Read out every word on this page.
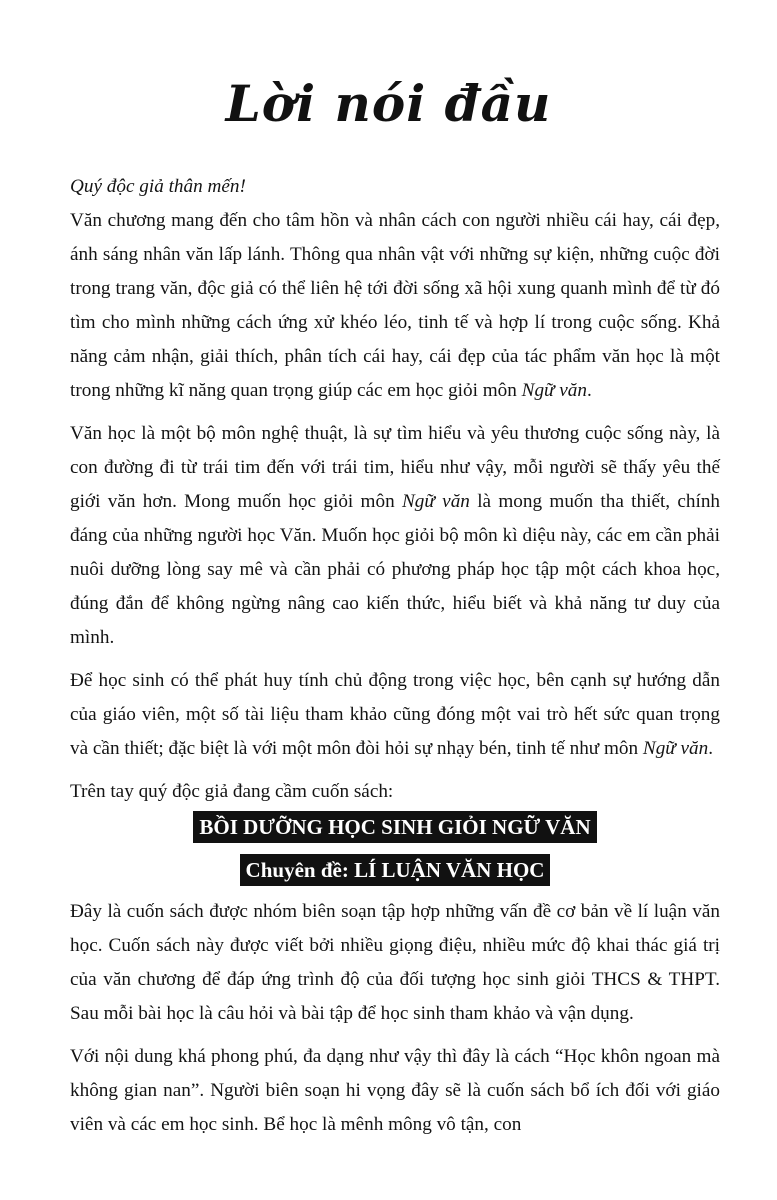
Lời nói đầu

Quý độc giả thân mến!

Văn chương mang đến cho tâm hồn và nhân cách con người nhiều cái hay, cái đẹp, ánh sáng nhân văn lấp lánh. Thông qua nhân vật với những sự kiện, những cuộc đời trong trang văn, độc giả có thể liên hệ tới đời sống xã hội xung quanh mình để từ đó tìm cho mình những cách ứng xử khéo léo, tinh tế và hợp lí trong cuộc sống. Khả năng cảm nhận, giải thích, phân tích cái hay, cái đẹp của tác phẩm văn học là một trong những kĩ năng quan trọng giúp các em học giỏi môn Ngữ văn.

Văn học là một bộ môn nghệ thuật, là sự tìm hiểu và yêu thương cuộc sống này, là con đường đi từ trái tim đến với trái tim, hiểu như vậy, mỗi người sẽ thấy yêu thế giới văn hơn. Mong muốn học giỏi môn Ngữ văn là mong muốn tha thiết, chính đáng của những người học Văn. Muốn học giỏi bộ môn kì diệu này, các em cần phải nuôi dưỡng lòng say mê và cần phải có phương pháp học tập một cách khoa học, đúng đắn để không ngừng nâng cao kiến thức, hiểu biết và khả năng tư duy của mình.

Để học sinh có thể phát huy tính chủ động trong việc học, bên cạnh sự hướng dẫn của giáo viên, một số tài liệu tham khảo cũng đóng một vai trò hết sức quan trọng và cần thiết; đặc biệt là với một môn đòi hỏi sự nhạy bén, tinh tế như môn Ngữ văn.

Trên tay quý độc giả đang cầm cuốn sách:

BỒI DƯỠNG HỌC SINH GIỎI NGỮ VĂN
Chuyên đề: LÍ LUẬN VĂN HỌC

Đây là cuốn sách được nhóm biên soạn tập hợp những vấn đề cơ bản về lí luận văn học. Cuốn sách này được viết bởi nhiều giọng điệu, nhiều mức độ khai thác giá trị của văn chương để đáp ứng trình độ của đối tượng học sinh giỏi THCS & THPT. Sau mỗi bài học là câu hỏi và bài tập để học sinh tham khảo và vận dụng.

Với nội dung khá phong phú, đa dạng như vậy thì đây là cách “Học khôn ngoan mà không gian nan”. Người biên soạn hi vọng đây sẽ là cuốn sách bổ ích đối với giáo viên và các em học sinh. Bể học là mênh mông vô tận, con
